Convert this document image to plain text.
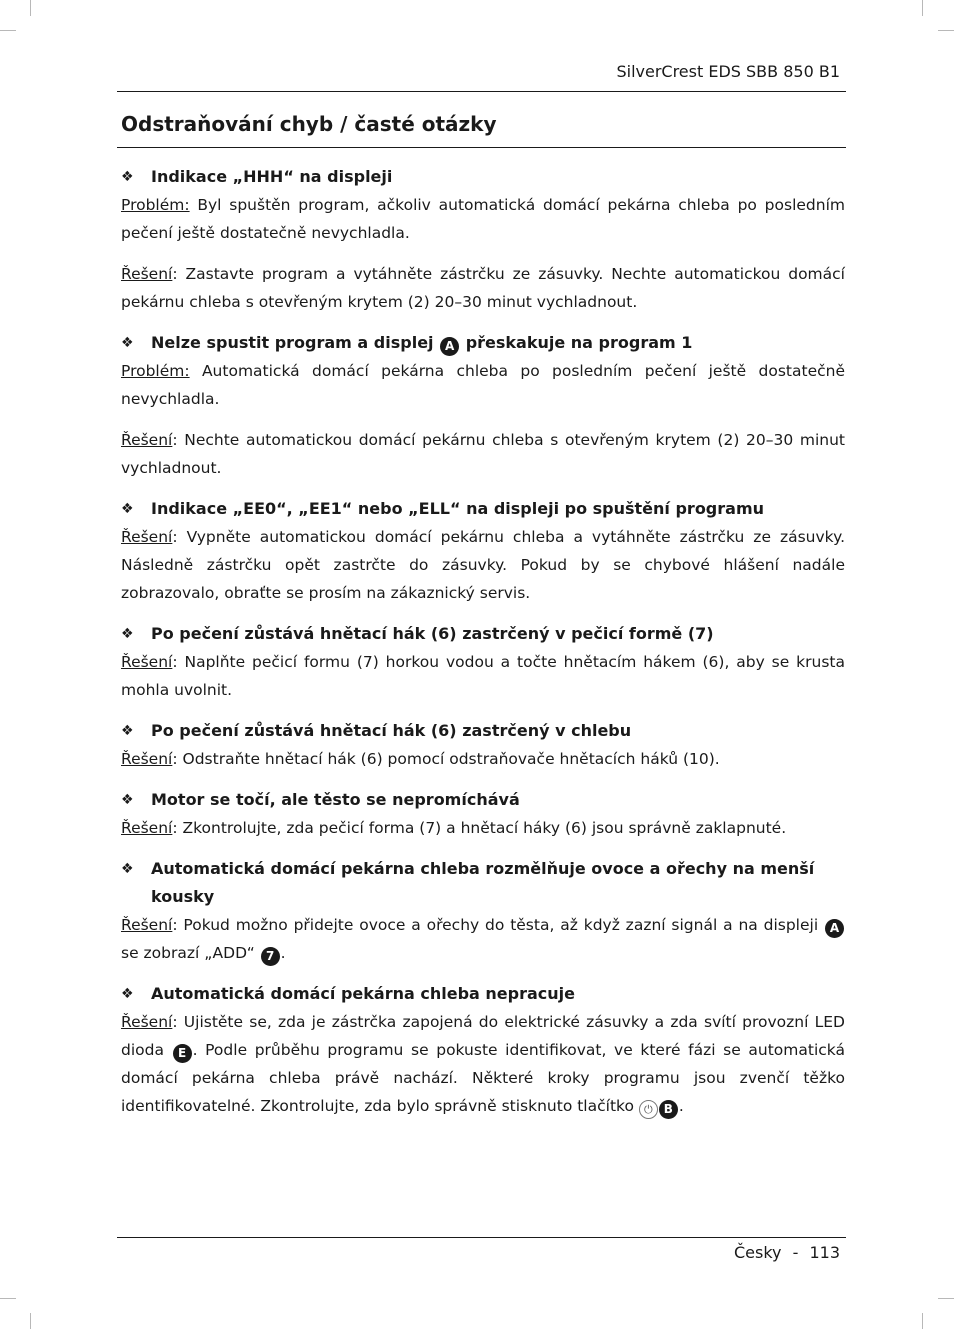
SilverCrest EDS SBB 850 B1
Odstraňování chyb / časté otázky
❖ Indikace „HHH“ na displeji

Problém: Byl spuštěn program, ačkoliv automatická domácí pekárna chleba po posledním pečení ještě dostatečně nevychladla.

Řešení: Zastavte program a vytáhněte zástrčku ze zásuvky. Nechte automatickou domácí pekárnu chleba s otevřeným krytem (2) 20–30 minut vychladnout.

❖ Nelze spustit program a displej A přeskakuje na program 1

Problém: Automatická domácí pekárna chleba po posledním pečení ještě dostatečně nevychladla.

Řešení: Nechte automatickou domácí pekárnu chleba s otevřeným krytem (2) 20–30 minut vychladnout.

❖ Indikace „EE0“, „EE1“ nebo „ELL“ na displeji po spuštění programu

Řešení: Vypněte automatickou domácí pekárnu chleba a vytáhněte zástrčku ze zásuvky. Následně zástrčku opět zastrčte do zásuvky. Pokud by se chybové hlášení nadále zobrazovalo, obraťte se prosím na zákaznický servis.

❖ Po pečení zůstává hnětací hák (6) zastrčený v pečicí formě (7)

Řešení: Naplňte pečicí formu (7) horkou vodou a točte hnětacím hákem (6), aby se krusta mohla uvolnit.

❖ Po pečení zůstává hnětací hák (6) zastrčený v chlebu

Řešení: Odstraňte hnětací hák (6) pomocí odstraňovače hnětacích háků (10).

❖ Motor se točí, ale těsto se nepromíchává

Řešení: Zkontrolujte, zda pečicí forma (7) a hnětací háky (6) jsou správně zaklapnuté.

❖ Automatická domácí pekárna chleba rozmělňuje ovoce a ořechy na menší kousky

Řešení: Pokud možno přidejte ovoce a ořechy do těsta, až když zazní signál a na displeji A se zobrazí „ADD“ 7 .

❖ Automatická domácí pekárna chleba nepracuje

Řešení: Ujistěte se, zda je zástrčka zapojená do elektrické zásuvky a zda svítí provozní LED dioda E . Podle průběhu programu se pokuste identifikovat, ve které fázi se automatická domácí pekárna chleba právě nachází. Některé kroky programu jsou zvenčí těžko identifikovatelné. Zkontrolujte, zda bylo správně stisknuto tlačítko ⏻ B .

Česky - 113
